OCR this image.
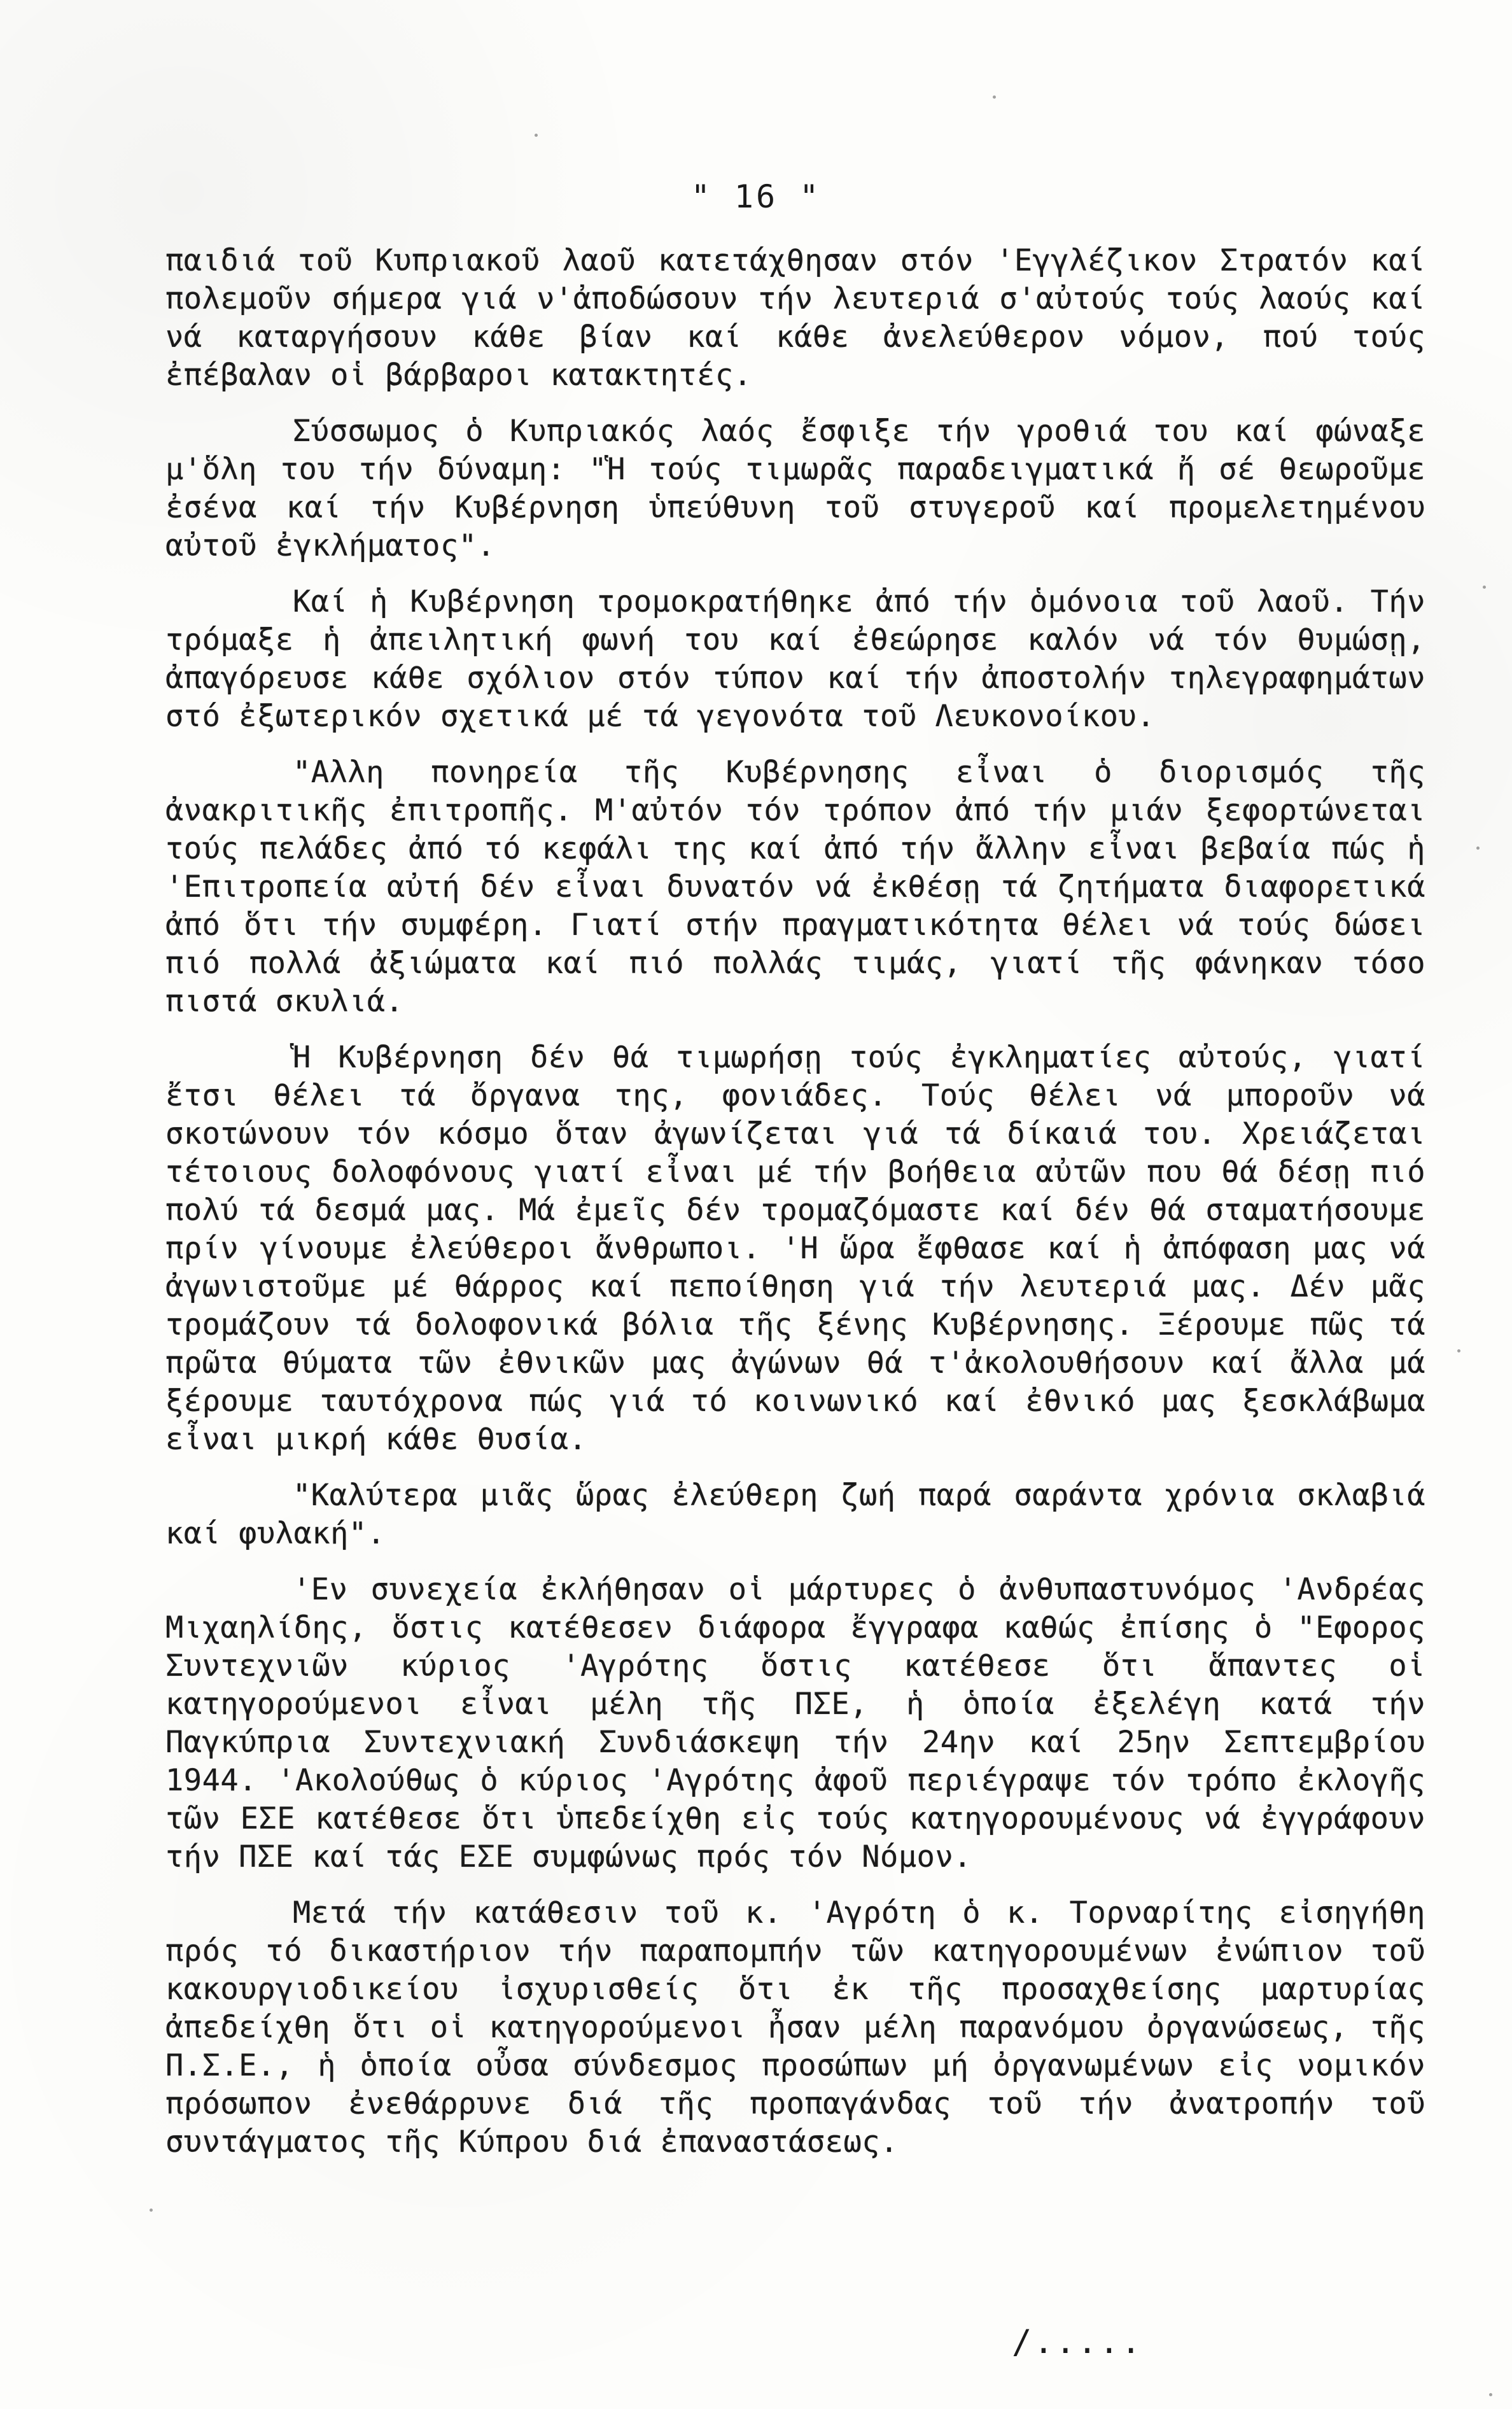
" 16 "

παιδιά τοῦ Κυπριακοῦ λαοῦ κατετάχθησαν στόν 'Εγγλέζικον Στρατόν καί πολεμοῦν σήμερα γιά ν'ἀποδώσουν τήν λευτεριά σ'αὐτούς τούς λαούς καί νά καταργήσουν κάθε βίαν καί κάθε ἀνελεύθερον νόμον, πού τούς ἐπέβαλαν οἱ βάρβαροι κατακτητές.

Σύσσωμος ὁ Κυπριακός λαός ἔσφιξε τήν γροθιά του καί φώναξε μ'ὅλη του τήν δύναμη: "Ἡ τούς τιμωρᾶς παραδειγματικά ἤ σέ θεωροῦμε ἐσένα καί τήν Κυβέρνηση ὑπεύθυνη τοῦ στυγεροῦ καί προμελετημένου αὐτοῦ ἐγκλήματος".

Καί ἡ Κυβέρνηση τρομοκρατήθηκε ἀπό τήν ὁμόνοια τοῦ λαοῦ. Τήν τρόμαξε ἡ ἀπειλητική φωνή του καί ἐθεώρησε καλόν νά τόν θυμώσῃ, ἀπαγόρευσε κάθε σχόλιον στόν τύπον καί τήν ἀποστολήν τηλεγραφημάτων στό ἐξωτερικόν σχετικά μέ τά γεγονότα τοῦ Λευκονοίκου.

"Αλλη πονηρεία τῆς Κυβέρνησης εἶναι ὁ διορισμός τῆς ἀνακριτικῆς ἐπιτροπῆς. Μ'αὐτόν τόν τρόπον ἀπό τήν μιάν ξεφορτώνεται τούς πελάδες ἀπό τό κεφάλι της καί ἀπό τήν ἄλλην εἶναι βεβαία πώς ἡ 'Επιτροπεία αὐτή δέν εἶναι δυνατόν νά ἐκθέσῃ τά ζητήματα διαφορετικά ἀπό ὅτι τήν συμφέρη. Γιατί στήν πραγματικότητα θέλει νά τούς δώσει πιό πολλά ἀξιώματα καί πιό πολλάς τιμάς, γιατί τῆς φάνηκαν τόσο πιστά σκυλιά.

Ἡ Κυβέρνηση δέν θά τιμωρήσῃ τούς ἐγκληματίες αὐτούς, γιατί ἔτσι θέλει τά ὄργανα της, φονιάδες. Τούς θέλει νά μποροῦν νά σκοτώνουν τόν κόσμο ὅταν ἀγωνίζεται γιά τά δίκαιά του. Χρειάζεται τέτοιους δολοφόνους γιατί εἶναι μέ τήν βοήθεια αὐτῶν που θά δέσῃ πιό πολύ τά δεσμά μας. Μά ἐμεῖς δέν τρομαζόμαστε καί δέν θά σταματήσουμε πρίν γίνουμε ἐλεύθεροι ἄνθρωποι. 'Η ὥρα ἔφθασε καί ἡ ἀπόφαση μας νά ἀγωνιστοῦμε μέ θάρρος καί πεποίθηση γιά τήν λευτεριά μας. Δέν μᾶς τρομάζουν τά δολοφονικά βόλια τῆς ξένης Κυβέρνησης. Ξέρουμε πῶς τά πρῶτα θύματα τῶν ἐθνικῶν μας ἀγώνων θά τ'ἀκολουθήσουν καί ἄλλα μά ξέρουμε ταυτόχρονα πώς γιά τό κοινωνικό καί ἐθνικό μας ξεσκλάβωμα εἶναι μικρή κάθε θυσία.

"Καλύτερα μιᾶς ὥρας ἐλεύθερη ζωή παρά σαράντα χρόνια σκλαβιά καί φυλακή".

'Εν συνεχεία ἐκλήθησαν οἱ μάρτυρες ὁ ἀνθυπαστυνόμος 'Ανδρέας Μιχαηλίδης, ὅστις κατέθεσεν διάφορα ἔγγραφα καθώς ἐπίσης ὁ "Εφορος Συντεχνιῶν κύριος 'Αγρότης ὅστις κατέθεσε ὅτι ἅπαντες οἱ κατηγορούμενοι εἶναι μέλη τῆς ΠΣΕ, ἡ ὁποία ἐξελέγη κατά τήν Παγκύπρια Συντεχνιακή Συνδιάσκεψη τήν 24ην καί 25ην Σεπτεμβρίου 1944. 'Ακολούθως ὁ κύριος 'Αγρότης ἀφοῦ περιέγραψε τόν τρόπο ἐκλογῆς τῶν ΕΣΕ κατέθεσε ὅτι ὑπεδείχθη εἰς τούς κατηγορουμένους νά ἐγγράφουν τήν ΠΣΕ καί τάς ΕΣΕ συμφώνως πρός τόν Νόμον.

Μετά τήν κατάθεσιν τοῦ κ. 'Αγρότη ὁ κ. Τορναρίτης εἰσηγήθη πρός τό δικαστήριον τήν παραπομπήν τῶν κατηγορουμένων ἐνώπιον τοῦ κακουργιοδικείου ἰσχυρισθείς ὅτι ἐκ τῆς προσαχθείσης μαρτυρίας ἀπεδείχθη ὅτι οἱ κατηγορούμενοι ἦσαν μέλη παρανόμου ὀργανώσεως, τῆς Π.Σ.Ε., ἡ ὁποία οὖσα σύνδεσμος προσώπων μή ὀργανωμένων εἰς νομικόν πρόσωπον ἐνεθάρρυνε διά τῆς προπαγάνδας τοῦ τήν ἀνατροπήν τοῦ συντάγματος τῆς Κύπρου διά ἐπαναστάσεως.

/.....
